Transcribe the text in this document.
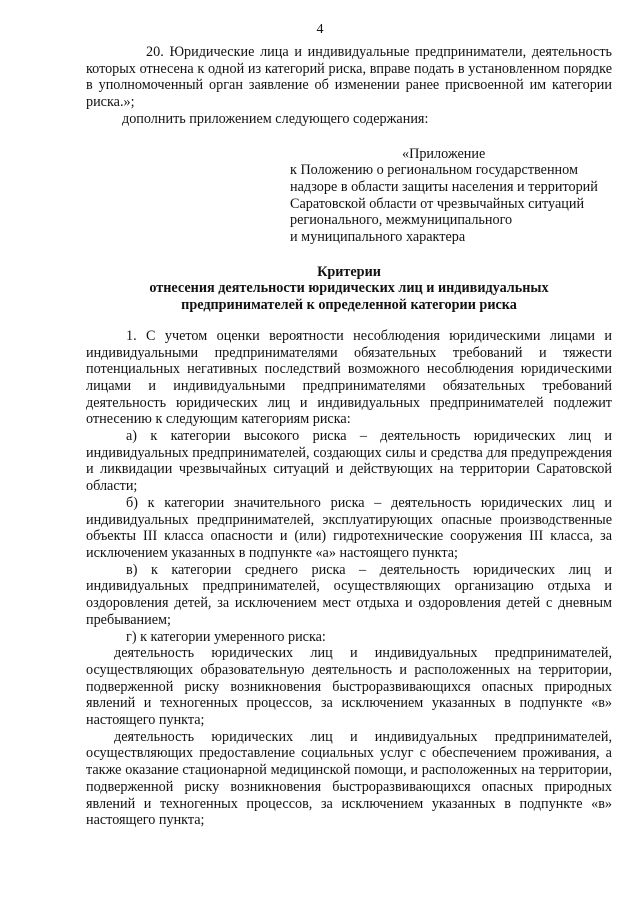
4

20. Юридические лица и индивидуальные предприниматели, деятельность которых отнесена к одной из категорий риска, вправе подать в установленном порядке в уполномоченный орган заявление об изменении ранее присвоенной им категории риска.»;

дополнить приложением следующего содержания:

«Приложение
к Положению о региональном государственном
надзоре в области защиты населения и территорий
Саратовской области от чрезвычайных ситуаций
регионального, межмуниципального
и муниципального характера
Критерии
отнесения деятельности юридических лиц и индивидуальных
предпринимателей к определенной категории риска

1. С учетом оценки вероятности несоблюдения юридическими лицами и индивидуальными предпринимателями обязательных требований и тяжести потенциальных негативных последствий возможного несоблюдения юридическими лицами и индивидуальными предпринимателями обязательных требований деятельность юридических лиц и индивидуальных предпринимателей подлежит отнесению к следующим категориям риска:

а) к категории высокого риска – деятельность юридических лиц и индивидуальных предпринимателей, создающих силы и средства для предупреждения и ликвидации чрезвычайных ситуаций и действующих на территории Саратовской области;

б) к категории значительного риска – деятельность юридических лиц и индивидуальных предпринимателей, эксплуатирующих опасные производственные объекты III класса опасности и (или) гидротехнические сооружения III класса, за исключением указанных в подпункте «а» настоящего пункта;

в) к категории среднего риска – деятельность юридических лиц и индивидуальных предпринимателей, осуществляющих организацию отдыха и оздоровления детей, за исключением мест отдыха и оздоровления детей с дневным пребыванием;

г) к категории умеренного риска:

деятельность юридических лиц и индивидуальных предпринимателей, осуществляющих образовательную деятельность и расположенных на территории, подверженной риску возникновения быстроразвивающихся опасных природных явлений и техногенных процессов, за исключением указанных в подпункте «в» настоящего пункта;

деятельность юридических лиц и индивидуальных предпринимателей, осуществляющих предоставление социальных услуг с обеспечением проживания, а также оказание стационарной медицинской помощи, и расположенных на территории, подверженной риску возникновения быстроразвивающихся опасных природных явлений и техногенных процессов, за исключением указанных в подпункте «в» настоящего пункта;
